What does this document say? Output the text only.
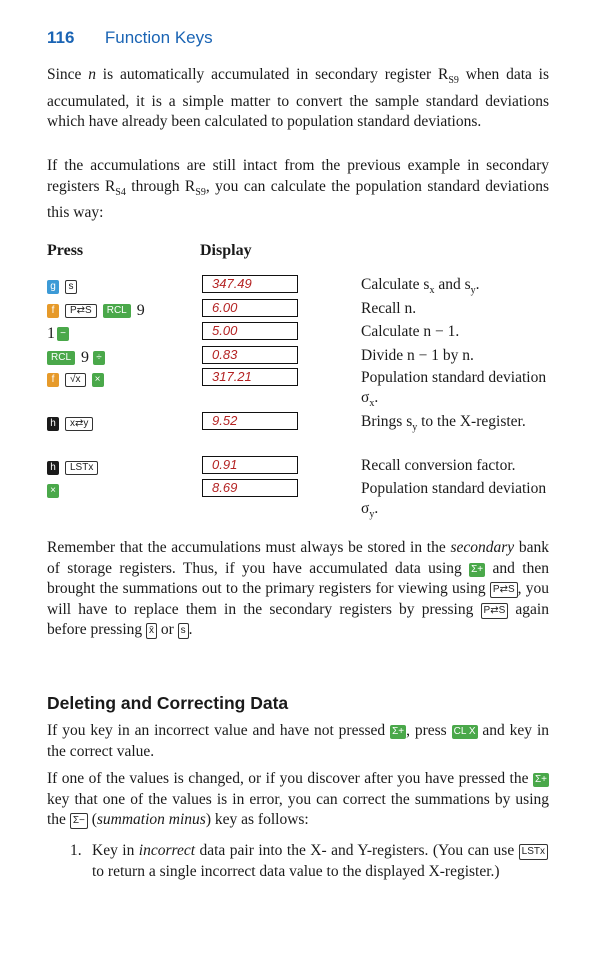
116 Function Keys

Since n is automatically accumulated in secondary register $R_{S9}$ when data is accumulated, it is a simple matter to convert the sample standard deviations which have already been calculated to population standard deviations.

If the accumulations are still intact from the previous example in secondary registers $R_{S4}$ through $R_{S9}$, you can calculate the population standard deviations this way:

Press	Display
g	s	347.49	Calculate $s_x$ and $s_y$.
f	P⇄S	RCL 9	6.00	Recall n.
1 −	5.00	Calculate n − 1.
RCL 9 ÷	0.83	Divide n − 1 by n.
f	√x	×	317.21	Population standard deviation $\sigma_x$.
h	x⇄y	9.52	Brings $s_y$ to the X-register.
h	LSTx	0.91	Recall conversion factor.
×	8.69	Population standard deviation $\sigma_y$.

Remember that the accumulations must always be stored in the secondary bank of storage registers. Thus, if you have accumulated data using Σ+ and then brought the summations out to the primary registers for viewing using P⇄S , you will have to replace them in the secondary registers by pressing P⇄S again before pressing x̄ or s .

Deleting and Correcting Data

If you key in an incorrect value and have not pressed Σ+ , press CL X and key in the correct value.

If one of the values is changed, or if you discover after you have pressed the Σ+ key that one of the values is in error, you can correct the summations by using the Σ− (summation minus) key as follows:

1. Key in incorrect data pair into the X- and Y-registers. (You can use LSTx to return a single incorrect data value to the displayed X-register.)
